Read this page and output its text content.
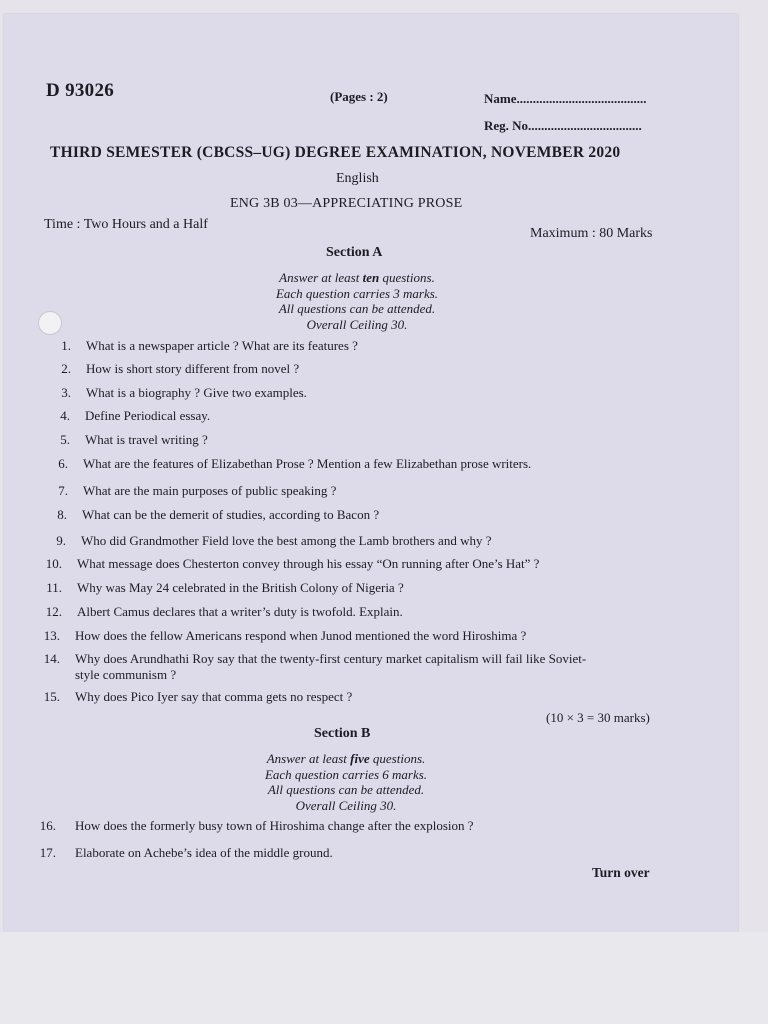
D 93026	(Pages : 2)	Name........................................
Reg. No...................................
THIRD SEMESTER (CBCSS–UG) DEGREE EXAMINATION, NOVEMBER 2020
English
ENG 3B 03—APPRECIATING PROSE
Time : Two Hours and a Half
Maximum : 80 Marks
Section A
Answer at least ten questions.
Each question carries 3 marks.
All questions can be attended.
Overall Ceiling 30.
1. What is a newspaper article ? What are its features ?
2. How is short story different from novel ?
3. What is a biography ? Give two examples.
4. Define Periodical essay.
5. What is travel writing ?
6. What are the features of Elizabethan Prose ? Mention a few Elizabethan prose writers.
7. What are the main purposes of public speaking ?
8. What can be the demerit of studies, according to Bacon ?
9. Who did Grandmother Field love the best among the Lamb brothers and why ?
10. What message does Chesterton convey through his essay “On running after One’s Hat” ?
11. Why was May 24 celebrated in the British Colony of Nigeria ?
12. Albert Camus declares that a writer’s duty is twofold. Explain.
13. How does the fellow Americans respond when Junod mentioned the word Hiroshima ?
14. Why does Arundhathi Roy say that the twenty-first century market capitalism will fail like Soviet-
style communism ?
15. Why does Pico Iyer say that comma gets no respect ?
(10 × 3 = 30 marks)
Section B
Answer at least five questions.
Each question carries 6 marks.
All questions can be attended.
Overall Ceiling 30.
16. How does the formerly busy town of Hiroshima change after the explosion ?
17. Elaborate on Achebe’s idea of the middle ground.
Turn over
